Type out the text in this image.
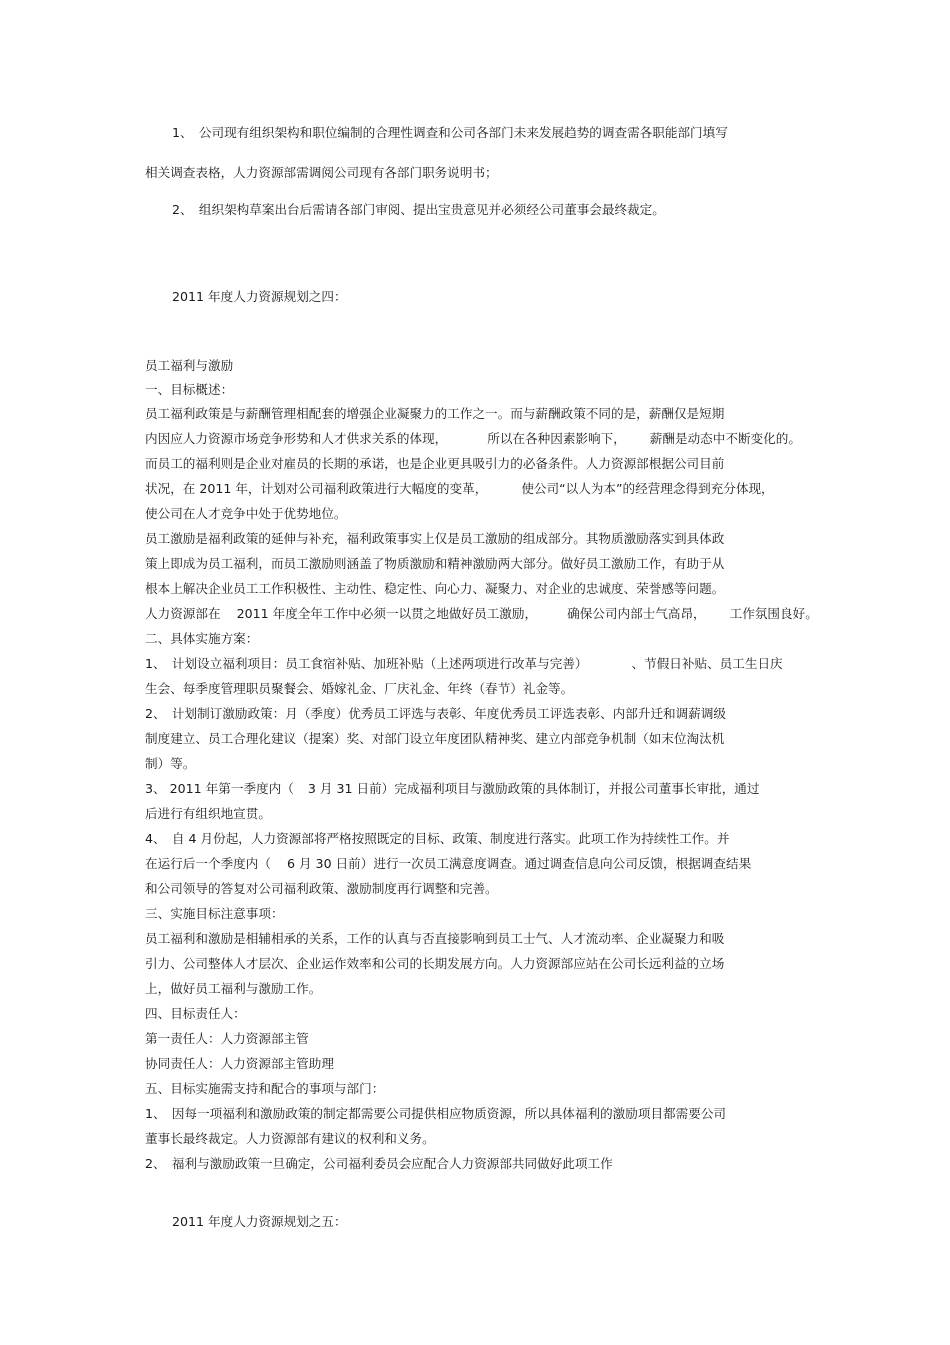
1、　公司现有组织架构和职位编制的合理性调查和公司各部门未来发展趋势的调查需各职能部门填写

相关调查表格，人力资源部需调阅公司现有各部门职务说明书；

2、　组织架构草案出台后需请各部门审阅、提出宝贵意见并必须经公司董事会最终裁定。

2011 年度人力资源规划之四：

员工福利与激励

一、目标概述：

员工福利政策是与薪酬管理相配套的增强企业凝聚力的工作之一。而与薪酬政策不同的是，薪酬仅是短期

内因应人力资源市场竞争形势和人才供求关系的体现，	所以在各种因素影响下， 薪酬是动态中不断变化的。

而员工的福利则是企业对雇员的长期的承诺，也是企业更具吸引力的必备条件。人力资源部根据公司目前

状况，在 2011 年，计划对公司福利政策进行大幅度的变革，	使公司“以人为本”的经营理念得到充分体现，

使公司在人才竞争中处于优势地位。

员工激励是福利政策的延伸与补充，福利政策事实上仅是员工激励的组成部分。其物质激励落实到具体政

策上即成为员工福利，而员工激励则涵盖了物质激励和精神激励两大部分。做好员工激励工作，有助于从

根本上解决企业员工工作积极性、主动性、稳定性、向心力、凝聚力、对企业的忠诚度、荣誉感等问题。

人力资源部在 2011 年度全年工作中必须一以贯之地做好员工激励， 确保公司内部士气高昂， 工作氛围良好。

二、具体实施方案：

1、　计划设立福利项目：员工食宿补贴、加班补贴（上述两项进行改革与完善）	、节假日补贴、员工生日庆

生会、每季度管理职员聚餐会、婚嫁礼金、厂庆礼金、年终（春节）礼金等。

2、　计划制订激励政策：月（季度）优秀员工评选与表彰、年度优秀员工评选表彰、内部升迁和调薪调级

制度建立、员工合理化建议（提案）奖、对部门设立年度团队精神奖、建立内部竞争机制（如末位淘汰机

制）等。

3、 2011 年第一季度内（ 3 月 31 日前）完成福利项目与激励政策的具体制订，并报公司董事长审批，通过

后进行有组织地宣贯。

4、　自 4 月份起，人力资源部将严格按照既定的目标、政策、制度进行落实。此项工作为持续性工作。并

在运行后一个季度内（ 6 月 30 日前）进行一次员工满意度调查。通过调查信息向公司反馈，根据调查结果

和公司领导的答复对公司福利政策、激励制度再行调整和完善。

三、实施目标注意事项：

员工福利和激励是相辅相承的关系，工作的认真与否直接影响到员工士气、人才流动率、企业凝聚力和吸

引力、公司整体人才层次、企业运作效率和公司的长期发展方向。人力资源部应站在公司长远利益的立场

上，做好员工福利与激励工作。

四、目标责任人：

第一责任人：人力资源部主管

协同责任人：人力资源部主管助理

五、目标实施需支持和配合的事项与部门：

1、　因每一项福利和激励政策的制定都需要公司提供相应物质资源，所以具体福利的激励项目都需要公司

董事长最终裁定。人力资源部有建议的权利和义务。

2、　福利与激励政策一旦确定，公司福利委员会应配合人力资源部共同做好此项工作

2011 年度人力资源规划之五：
